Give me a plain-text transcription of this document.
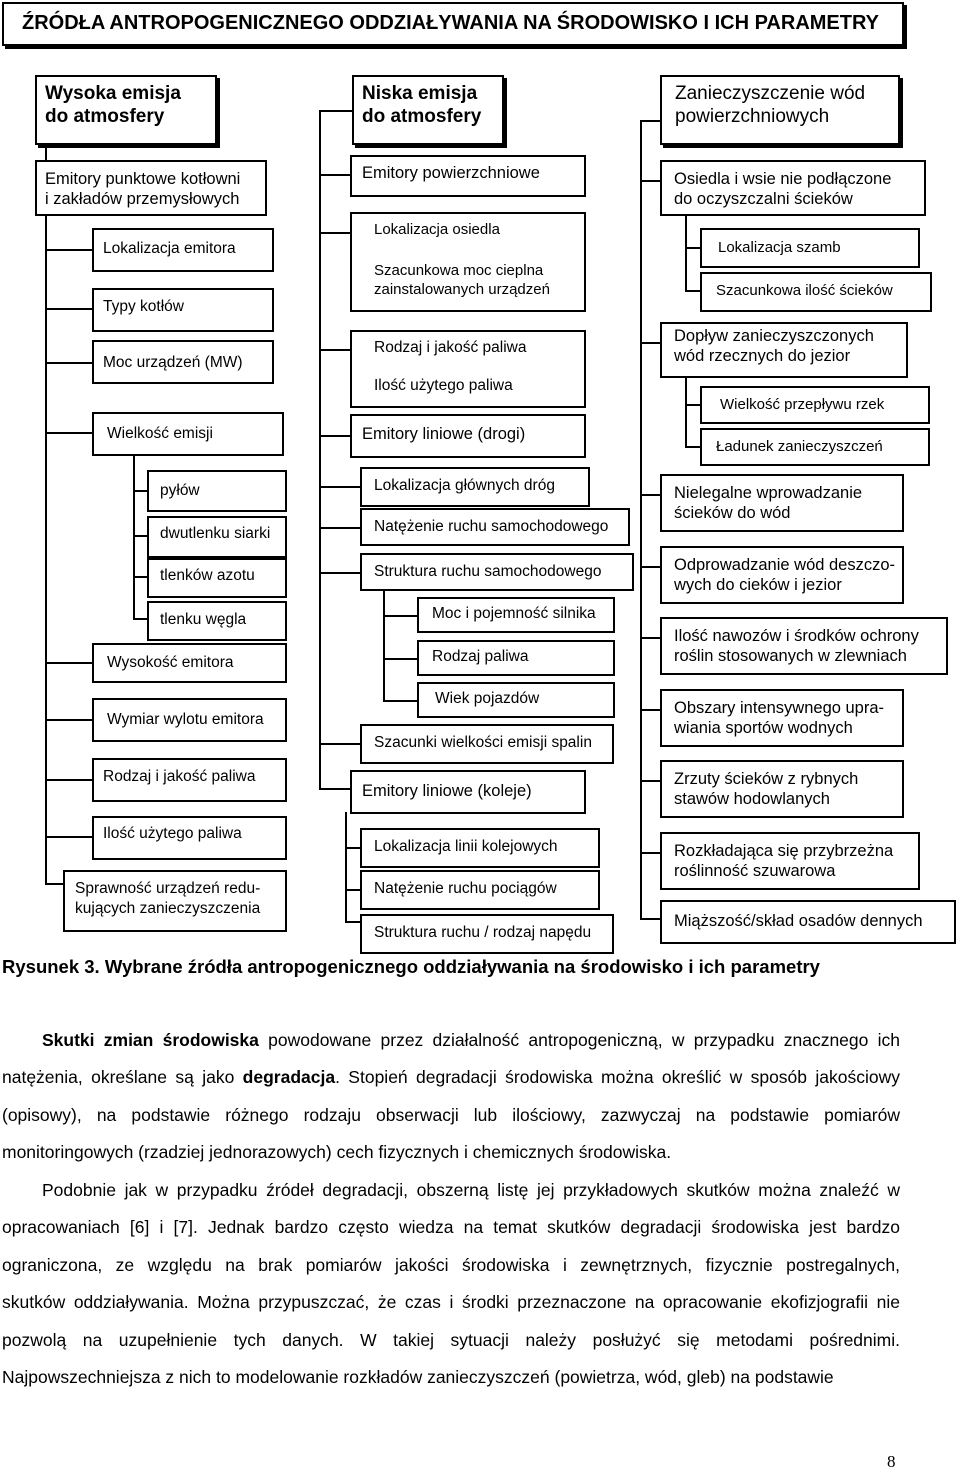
ŹRÓDŁA ANTROPOGENICZNEGO ODDZIAŁYWANIA NA ŚRODOWISKO I ICH PARAMETRY
Wysoka emisja
do atmosfery
Emitory punktowe kotłowni
i zakładów przemysłowych
Lokalizacja emitora
Typy kotłów
Moc urządzeń (MW)
Wielkość emisji
pyłów
dwutlenku siarki
tlenków azotu
tlenku węgla
Wysokość emitora
Wymiar wylotu emitora
Rodzaj i jakość paliwa
Ilość użytego paliwa
Sprawność urządzeń redu-
kujących zanieczyszczenia
Niska emisja
do atmosfery
Emitory powierzchniowe
Lokalizacja osiedla
Szacunkowa moc cieplna
zainstalowanych urządzeń
Rodzaj i jakość paliwa
Ilość użytego paliwa
Emitory liniowe (drogi)
Lokalizacja głównych dróg
Natężenie ruchu samochodowego
Struktura ruchu samochodowego
Moc i pojemność silnika
Rodzaj paliwa
Wiek pojazdów
Szacunki wielkości emisji spalin
Emitory liniowe (koleje)
Lokalizacja linii kolejowych
Natężenie ruchu pociągów
Struktura ruchu / rodzaj napędu
Zanieczyszczenie wód
powierzchniowych
Osiedla i wsie nie podłączone
do oczyszczalni ścieków
Lokalizacja szamb
Szacunkowa ilość ścieków
Dopływ zanieczyszczonych
wód rzecznych do jezior
Wielkość przepływu rzek
Ładunek zanieczyszczeń
Nielegalne wprowadzanie
ścieków do wód
Odprowadzanie wód deszczo-
wych do cieków i jezior
Ilość nawozów i środków ochrony
roślin stosowanych w zlewniach
Obszary intensywnego upra-
wiania sportów wodnych
Zrzuty ścieków z rybnych
stawów hodowlanych
Rozkładająca się przybrzeżna
roślinność szuwarowa
Miąższość/skład osadów dennych
Rysunek 3. Wybrane źródła antropogenicznego oddziaływania na środowisko i ich parametry
Skutki zmian środowiska powodowane przez działalność antropogeniczną, w przypadku znacznego ich
natężenia, określane są jako degradacja. Stopień degradacji środowiska można określić w sposób jakościowy
(opisowy), na podstawie różnego rodzaju obserwacji lub ilościowy, zazwyczaj na podstawie pomiarów
monitoringowych (rzadziej jednorazowych) cech fizycznych i chemicznych środowiska.
Podobnie jak w przypadku źródeł degradacji, obszerną listę jej przykładowych skutków można znaleźć w
opracowaniach [6] i [7]. Jednak bardzo często wiedza na temat skutków degradacji środowiska jest bardzo
ograniczona, ze względu na brak pomiarów jakości środowiska i zewnętrznych, fizycznie postregalnych,
skutków oddziaływania. Można przypuszczać, że czas i środki przeznaczone na opracowanie ekofizjografii nie
pozwolą na uzupełnienie tych danych. W takiej sytuacji należy posłużyć się metodami pośrednimi.
Najpowszechniejsza z nich to modelowanie rozkładów zanieczyszczeń (powietrza, wód, gleb) na podstawie
8
